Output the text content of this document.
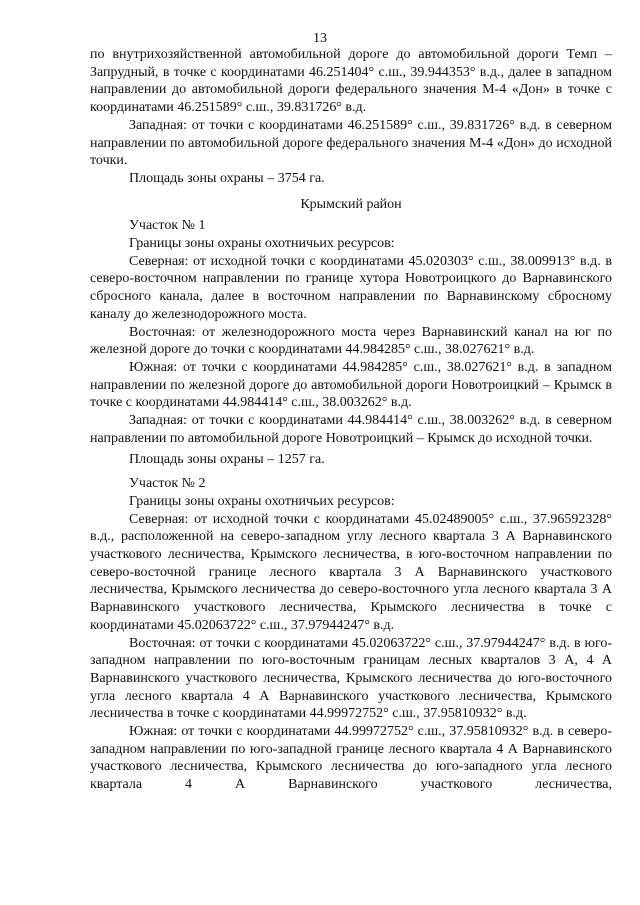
13

по внутрихозяйственной автомобильной дороге до автомобильной дороги Темп – Запрудный, в точке с координатами 46.251404° с.ш., 39.944353° в.д., далее в западном направлении до автомобильной дороги федерального значения М-4 «Дон» в точке с координатами 46.251589° с.ш., 39.831726° в.д.

Западная: от точки с координатами 46.251589° с.ш., 39.831726° в.д. в северном направлении по автомобильной дороге федерального значения М-4 «Дон» до исходной точки.

Площадь зоны охраны – 3754 га.

Крымский район

Участок № 1

Границы зоны охраны охотничьих ресурсов:

Северная: от исходной точки с координатами 45.020303° с.ш., 38.009913° в.д. в северо-восточном направлении по границе хутора Новотроицкого до Варнавинского сбросного канала, далее в восточном направлении по Варнавинскому сбросному каналу до железнодорожного моста.

Восточная: от железнодорожного моста через Варнавинский канал на юг по железной дороге до точки с координатами 44.984285° с.ш., 38.027621° в.д.

Южная: от точки с координатами 44.984285° с.ш., 38.027621° в.д. в западном направлении по железной дороге до автомобильной дороги Новотроицкий – Крымск в точке с координатами 44.984414° с.ш., 38.003262° в.д.

Западная: от точки с координатами 44.984414° с.ш., 38.003262° в.д. в северном направлении по автомобильной дороге Новотроицкий – Крымск до исходной точки.

Площадь зоны охраны – 1257 га.

Участок № 2

Границы зоны охраны охотничьих ресурсов:

Северная: от исходной точки с координатами 45.02489005° с.ш., 37.96592328° в.д., расположенной на северо-западном углу лесного квартала 3 А Варнавинского участкового лесничества, Крымского лесничества, в юго-восточном направлении по северо-восточной границе лесного квартала 3 А Варнавинского участкового лесничества, Крымского лесничества до северо-восточного угла лесного квартала 3 А Варнавинского участкового лесничества, Крымского лесничества в точке с координатами 45.02063722° с.ш., 37.97944247° в.д.

Восточная: от точки с координатами 45.02063722° с.ш., 37.97944247° в.д. в юго-западном направлении по юго-восточным границам лесных кварталов 3 А, 4 А Варнавинского участкового лесничества, Крымского лесничества до юго-восточного угла лесного квартала 4 А Варнавинского участкового лесничества, Крымского лесничества в точке с координатами 44.99972752° с.ш., 37.95810932° в.д.

Южная: от точки с координатами 44.99972752° с.ш., 37.95810932° в.д. в северо-западном направлении по юго-западной границе лесного квартала 4 А Варнавинского участкового лесничества, Крымского лесничества до юго-западного угла лесного квартала 4 А Варнавинского участкового лесничества,
